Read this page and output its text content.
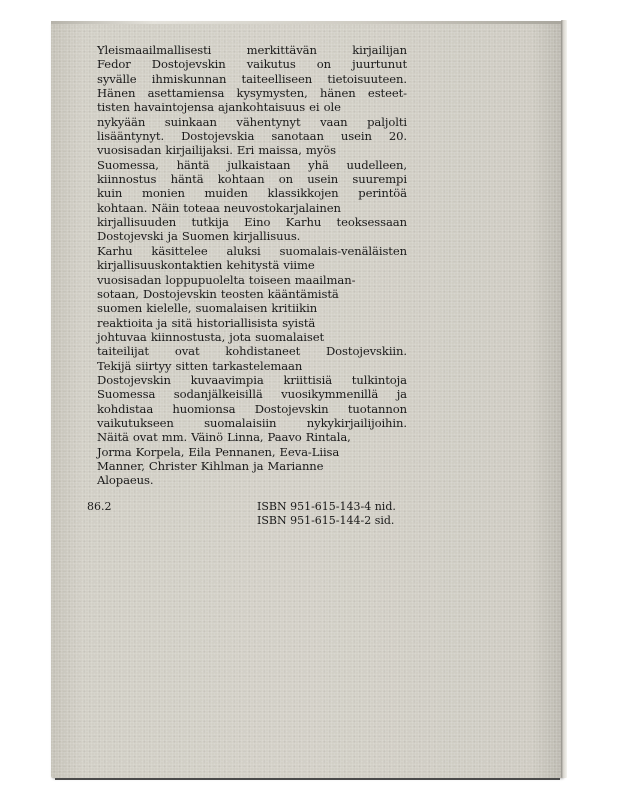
Yleismaailmallisesti merkittävän kirjailijan
Fedor Dostojevskin vaikutus on juurtunut
syvälle ihmiskunnan taiteelliseen tietoisuuteen.
Hänen asettamiensa kysymysten, hänen esteet-
tisten havaintojensa ajankohtaisuus ei ole
nykyään suinkaan vähentynyt vaan paljolti
lisääntynyt. Dostojevskia sanotaan usein 20.
vuosisadan kirjailijaksi. Eri maissa, myös
Suomessa, häntä julkaistaan yhä uudelleen,
kiinnostus häntä kohtaan on usein suurempi
kuin monien muiden klassikkojen perintöä
kohtaan. Näin toteaa neuvostokarjalainen
kirjallisuuden tutkija Eino Karhu teoksessaan
Dostojevski ja Suomen kirjallisuus.
Karhu käsittelee aluksi suomalais-venäläisten
kirjallisuuskontaktien kehitystä viime
vuosisadan loppupuolelta toiseen maailman-
sotaan, Dostojevskin teosten kääntämistä
suomen kielelle, suomalaisen kritiikin
reaktioita ja sitä historiallisista syistä
johtuvaa kiinnostusta, jota suomalaiset
taiteilijat ovat kohdistaneet Dostojevskiin.
Tekijä siirtyy sitten tarkastelemaan
Dostojevskin kuvaavimpia kriittisiä tulkintoja
Suomessa sodanjälkeisillä vuosikymmenillä ja
kohdistaa huomionsa Dostojevskin tuotannon
vaikutukseen suomalaisiin nykykirjailijoihin.
Näitä ovat mm. Väinö Linna, Paavo Rintala,
Jorma Korpela, Eila Pennanen, Eeva-Liisa
Manner, Christer Kihlman ja Marianne
Alopaeus.
86.2	ISBN 951-615-143-4 nid.
ISBN 951-615-144-2 sid.
